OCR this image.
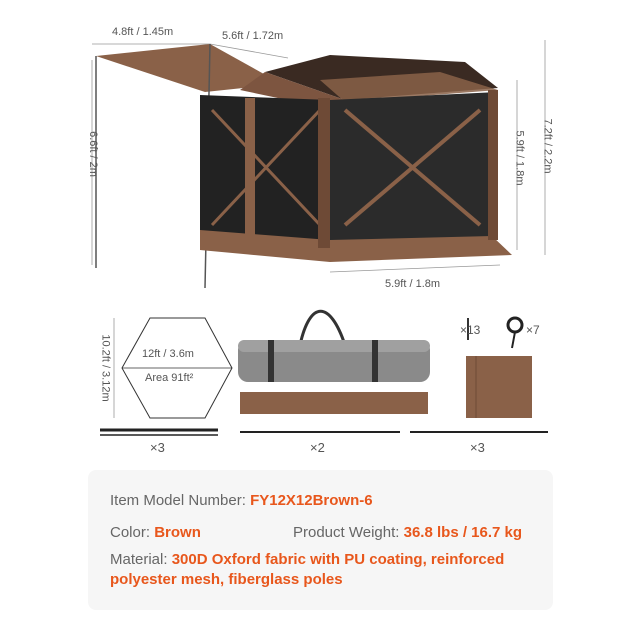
4.8ft / 1.45m	5.6ft / 1.72m
7.2ft / 2.2m
5.9ft / 1.8m
6.6ft / 2m
5.9ft / 1.8m
12ft / 3.6m
Area 91ft²
10.2ft / 3.12m
×13	×7
×3	×2	×3
Item Model Number: FY12X12Brown-6
Color: Brown	Product Weight: 36.8 lbs / 16.7 kg
Material: 300D Oxford fabric with PU coating, reinforced polyester mesh, fiberglass poles
